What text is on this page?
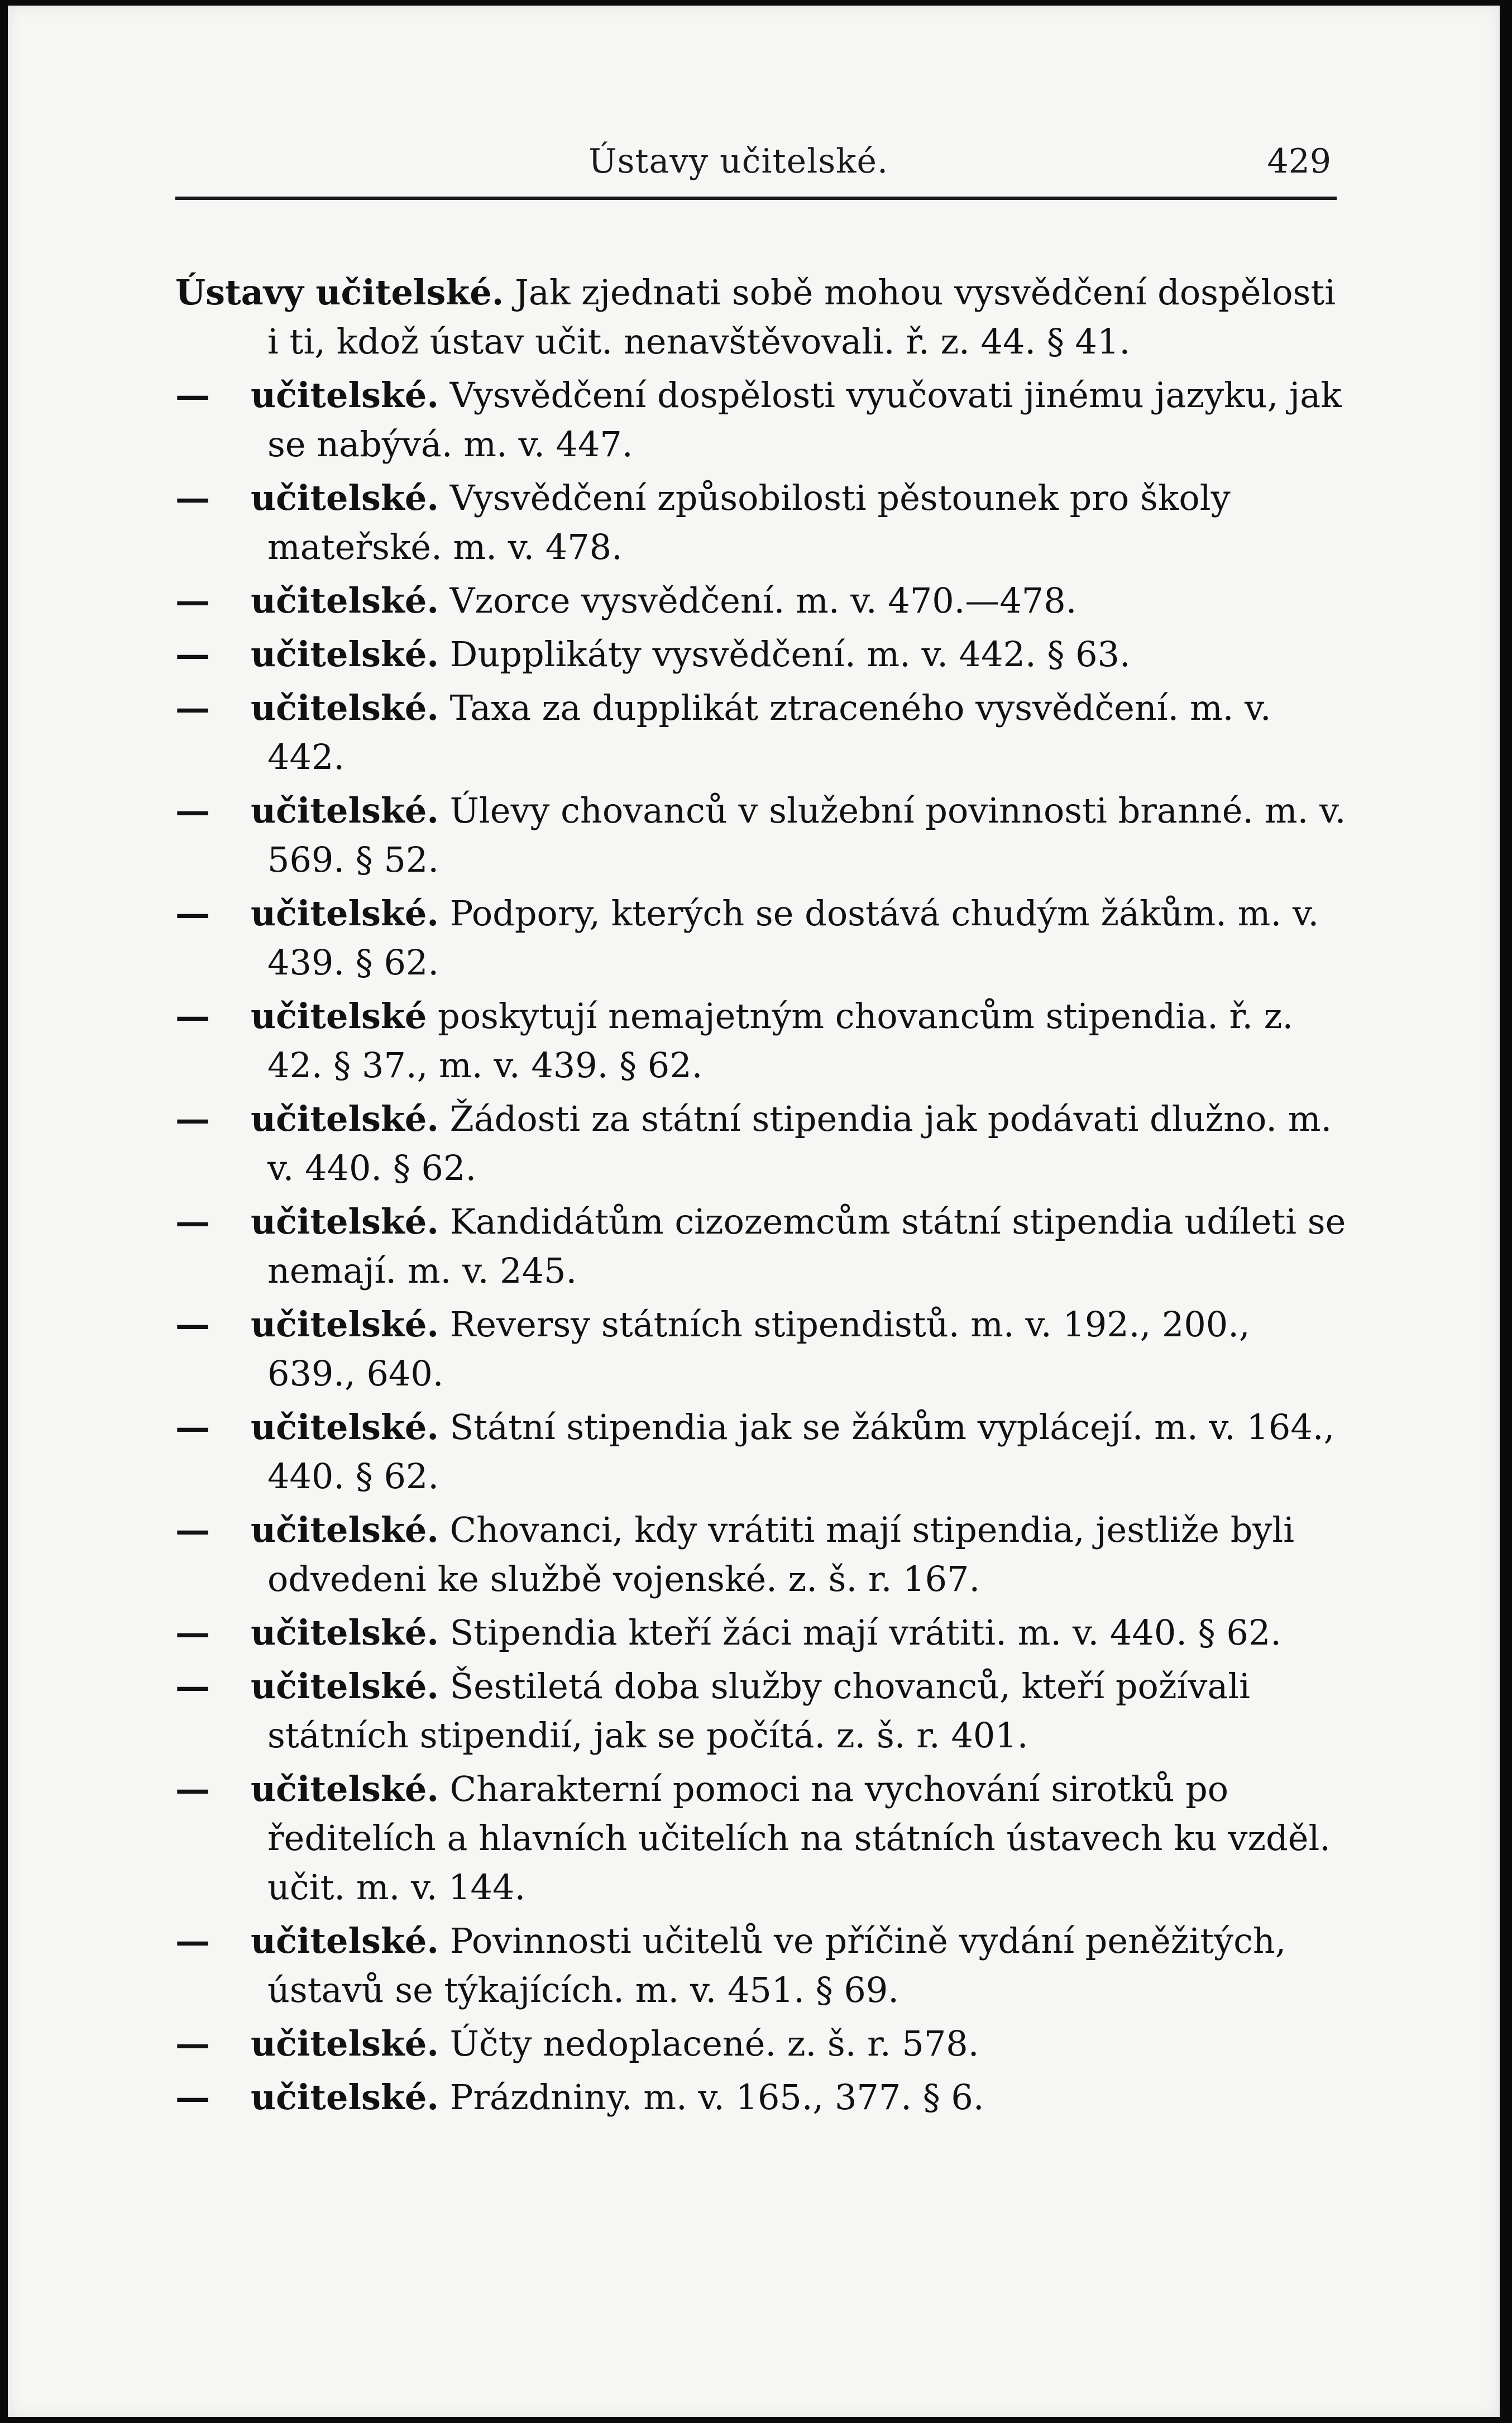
Ústavy učitelské.	429
Ústavy učitelské. Jak zjednati sobě mohou vysvědčení dospělosti i ti, kdož ústav učit. nenavštěvovali. ř. z. 44. § 41.
— učitelské. Vysvědčení dospělosti vyučovati jinému jazyku, jak se nabývá. m. v. 447.
— učitelské. Vysvědčení způsobilosti pěstounek pro školy mateřské. m. v. 478.
— učitelské. Vzorce vysvědčení. m. v. 470.—478.
— učitelské. Dupplikáty vysvědčení. m. v. 442. § 63.
— učitelské. Taxa za dupplikát ztraceného vysvědčení. m. v. 442.
— učitelské. Úlevy chovanců v služební povinnosti branné. m. v. 569. § 52.
— učitelské. Podpory, kterých se dostává chudým žákům. m. v. 439. § 62.
— učitelské poskytují nemajetným chovancům stipendia. ř. z. 42. § 37., m. v. 439. § 62.
— učitelské. Žádosti za státní stipendia jak podávati dlužno. m. v. 440. § 62.
— učitelské. Kandidátům cizozemcům státní stipendia udíleti se nemají. m. v. 245.
— učitelské. Reversy státních stipendistů. m. v. 192., 200., 639., 640.
— učitelské. Státní stipendia jak se žákům vyplácejí. m. v. 164., 440. § 62.
— učitelské. Chovanci, kdy vrátiti mají stipendia, jestliže byli odvedeni ke službě vojenské. z. š. r. 167.
— učitelské. Stipendia kteří žáci mají vrátiti. m. v. 440. § 62.
— učitelské. Šestiletá doba služby chovanců, kteří požívali státních stipendií, jak se počítá. z. š. r. 401.
— učitelské. Charakterní pomoci na vychování sirotků po ředitelích a hlavních učitelích na státních ústavech ku vzděl. učit. m. v. 144.
— učitelské. Povinnosti učitelů ve příčině vydání peněžitých, ústavů se týkajících. m. v. 451. § 69.
— učitelské. Účty nedoplacené. z. š. r. 578.
— učitelské. Prázdniny. m. v. 165., 377. § 6.
